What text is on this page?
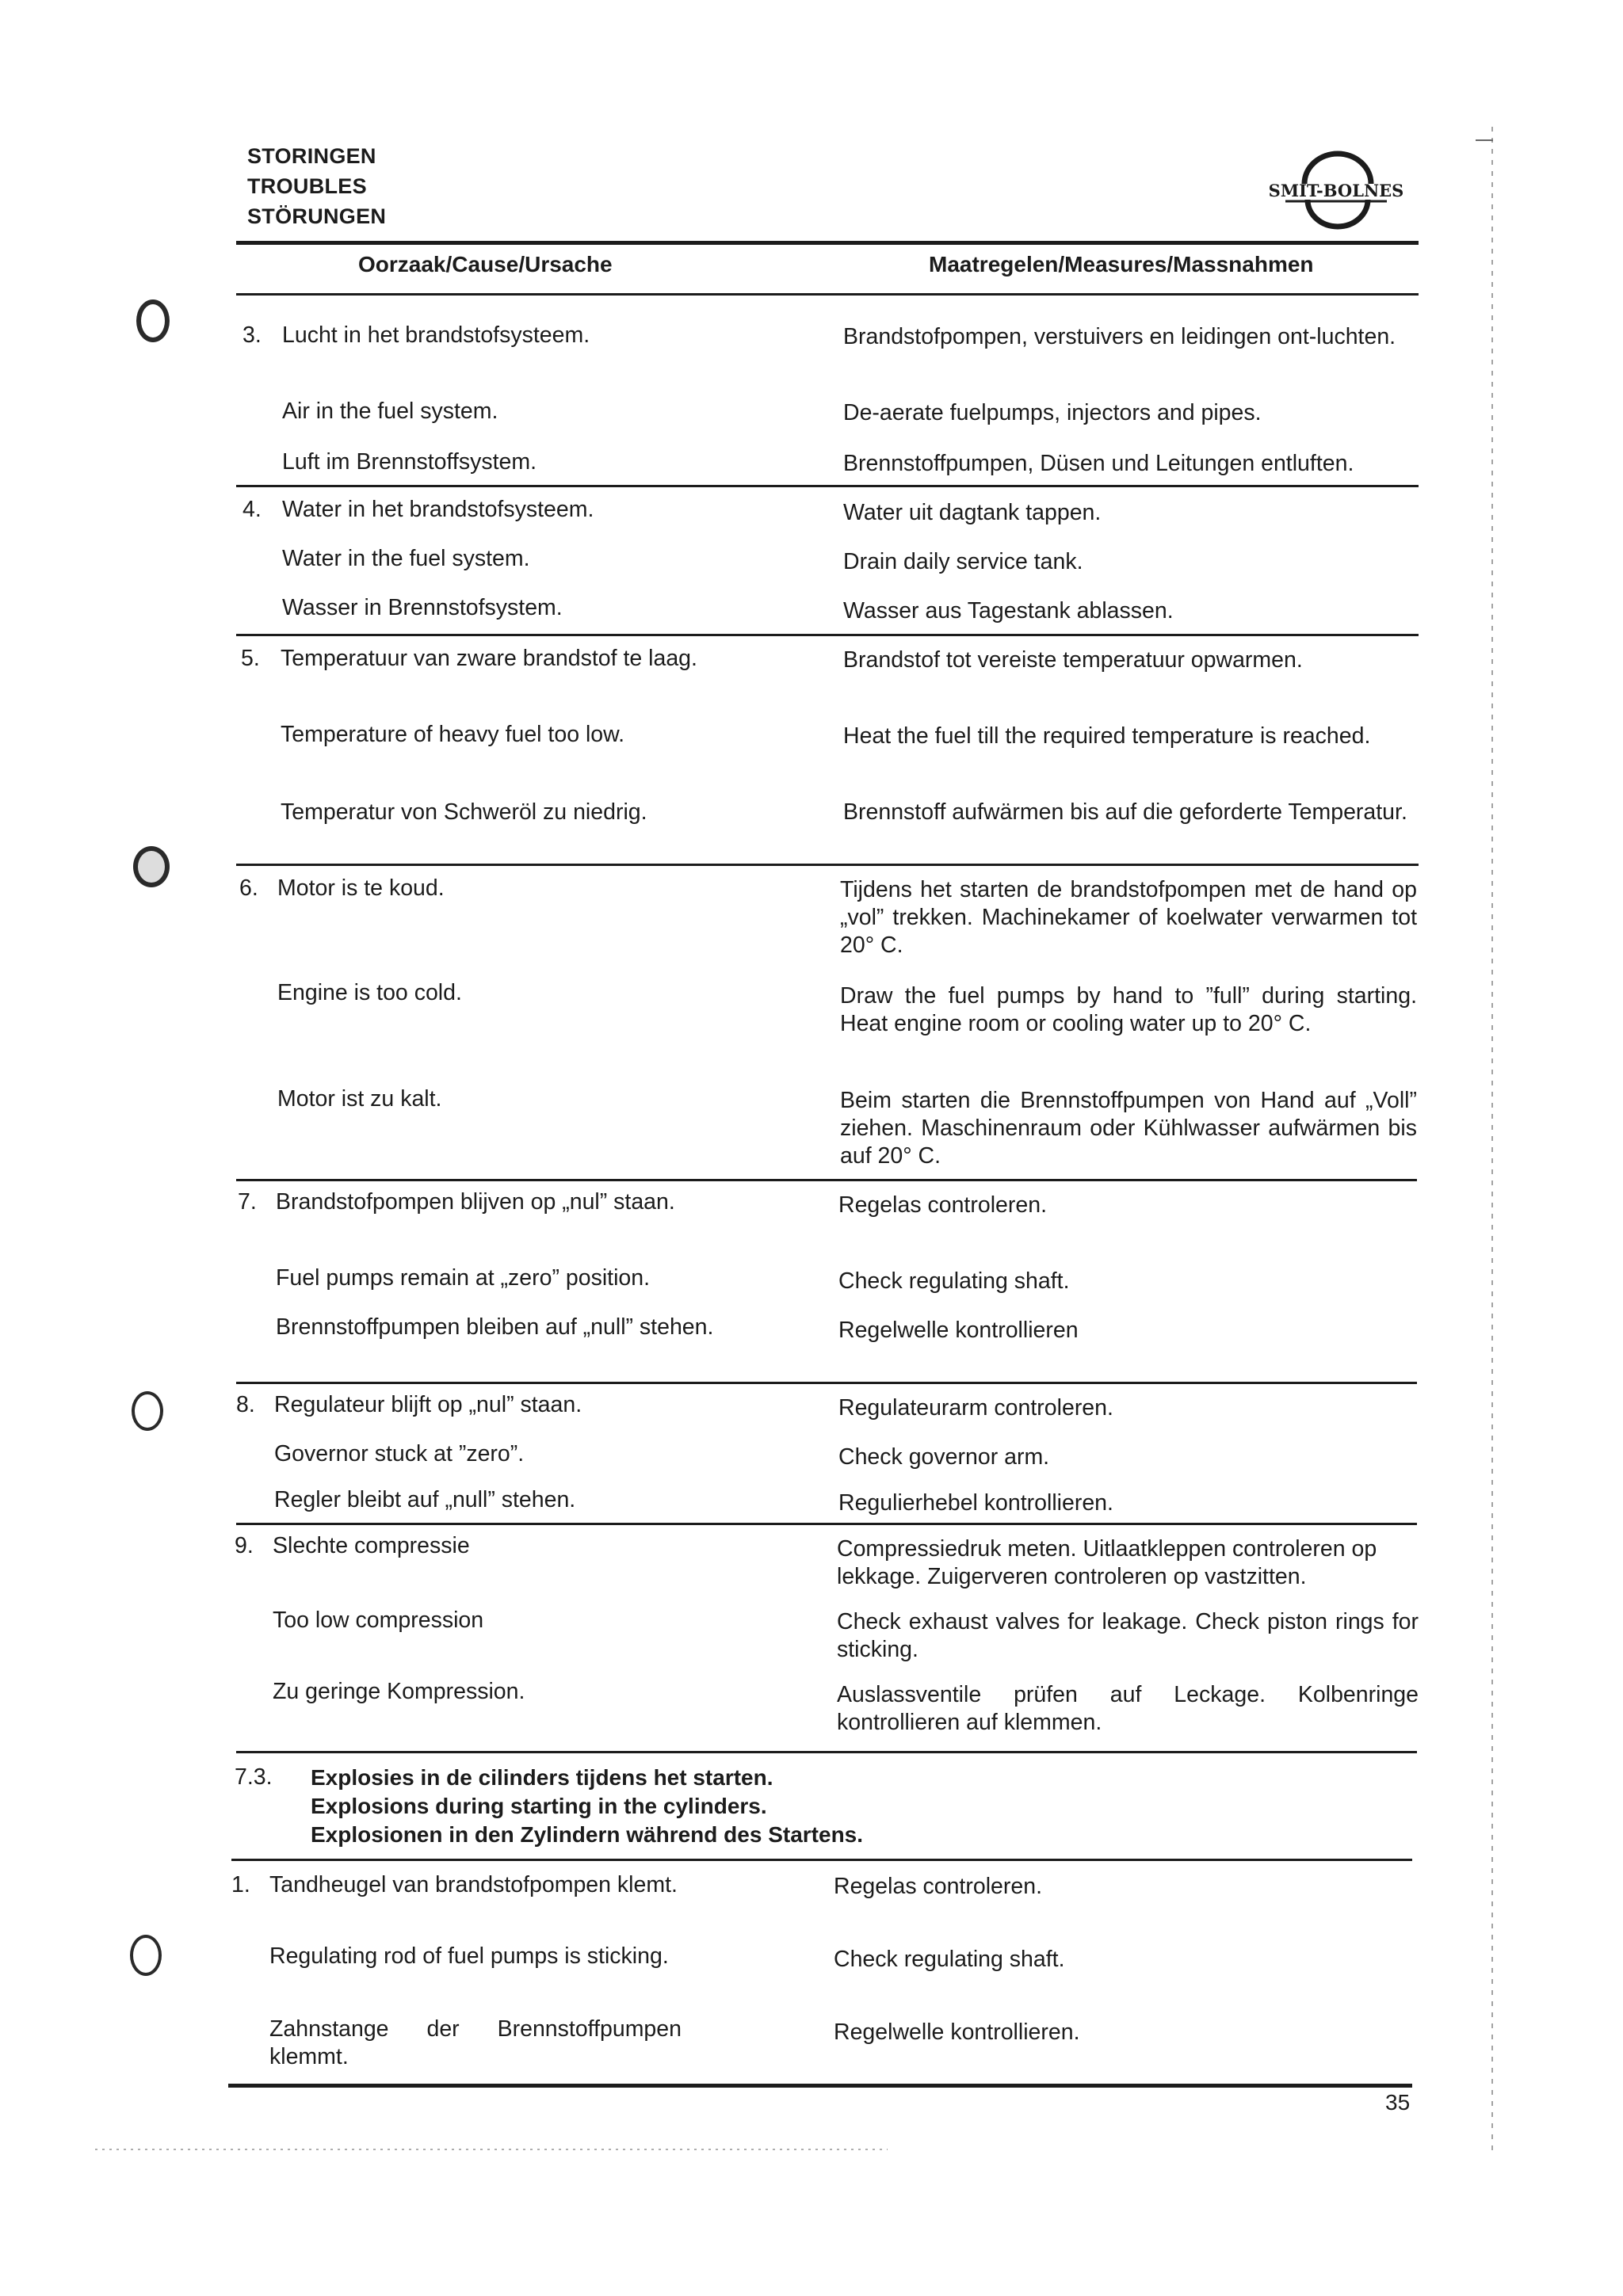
STORINGEN
TROUBLES
STÖRUNGEN
SMIT-BOLNES
Oorzaak/Cause/Ursache	Maatregelen/Measures/Massnahmen
3. Lucht in het brandstofsysteem.
Air in the fuel system.
Luft im Brennstoffsystem.
Brandstofpompen, verstuivers en leidingen ont-luchten.
De-aerate fuelpumps, injectors and pipes.
Brennstoffpumpen, Düsen und Leitungen entluften.
4. Water in het brandstofsysteem.
Water in the fuel system.
Wasser in Brennstofsystem.
Water uit dagtank tappen.
Drain daily service tank.
Wasser aus Tagestank ablassen.
5. Temperatuur van zware brandstof te laag.
Temperature of heavy fuel too low.
Temperatur von Schweröl zu niedrig.
Brandstof tot vereiste temperatuur opwarmen.
Heat the fuel till the required temperature is reached.
Brennstoff aufwärmen bis auf die geforderte Temperatur.
6. Motor is te koud.
Engine is too cold.
Motor ist zu kalt.
Tijdens het starten de brandstofpompen met de hand op „vol” trekken. Machinekamer of koelwater verwarmen tot 20° C.
Draw the fuel pumps by hand to ”full” during starting. Heat engine room or cooling water up to 20° C.
Beim starten die Brennstoffpumpen von Hand auf „Voll” ziehen. Maschinenraum oder Kühlwasser aufwärmen bis auf 20° C.
7. Brandstofpompen blijven op „nul” staan.
Fuel pumps remain at „zero” position.
Brennstoffpumpen bleiben auf „null” stehen.
Regelas controleren.
Check regulating shaft.
Regelwelle kontrollieren
8. Regulateur blijft op „nul” staan.
Governor stuck at ”zero”.
Regler bleibt auf „null” stehen.
Regulateurarm controleren.
Check governor arm.
Regulierhebel kontrollieren.
9. Slechte compressie
Too low compression
Zu geringe Kompression.
Compressiedruk meten. Uitlaatkleppen controleren op lekkage. Zuigerveren controleren op vastzitten.
Check exhaust valves for leakage. Check piston rings for sticking.
Auslassventile prüfen auf Leckage. Kolbenringe kontrollieren auf klemmen.
7.3. Explosies in de cilinders tijdens het starten.
Explosions during starting in the cylinders.
Explosionen in den Zylindern während des Startens.
1. Tandheugel van brandstofpompen klemt.
Regulating rod of fuel pumps is sticking.
Zahnstange der Brennstoffpumpen klemmt.
Regelas controleren.
Check regulating shaft.
Regelwelle kontrollieren.
35
